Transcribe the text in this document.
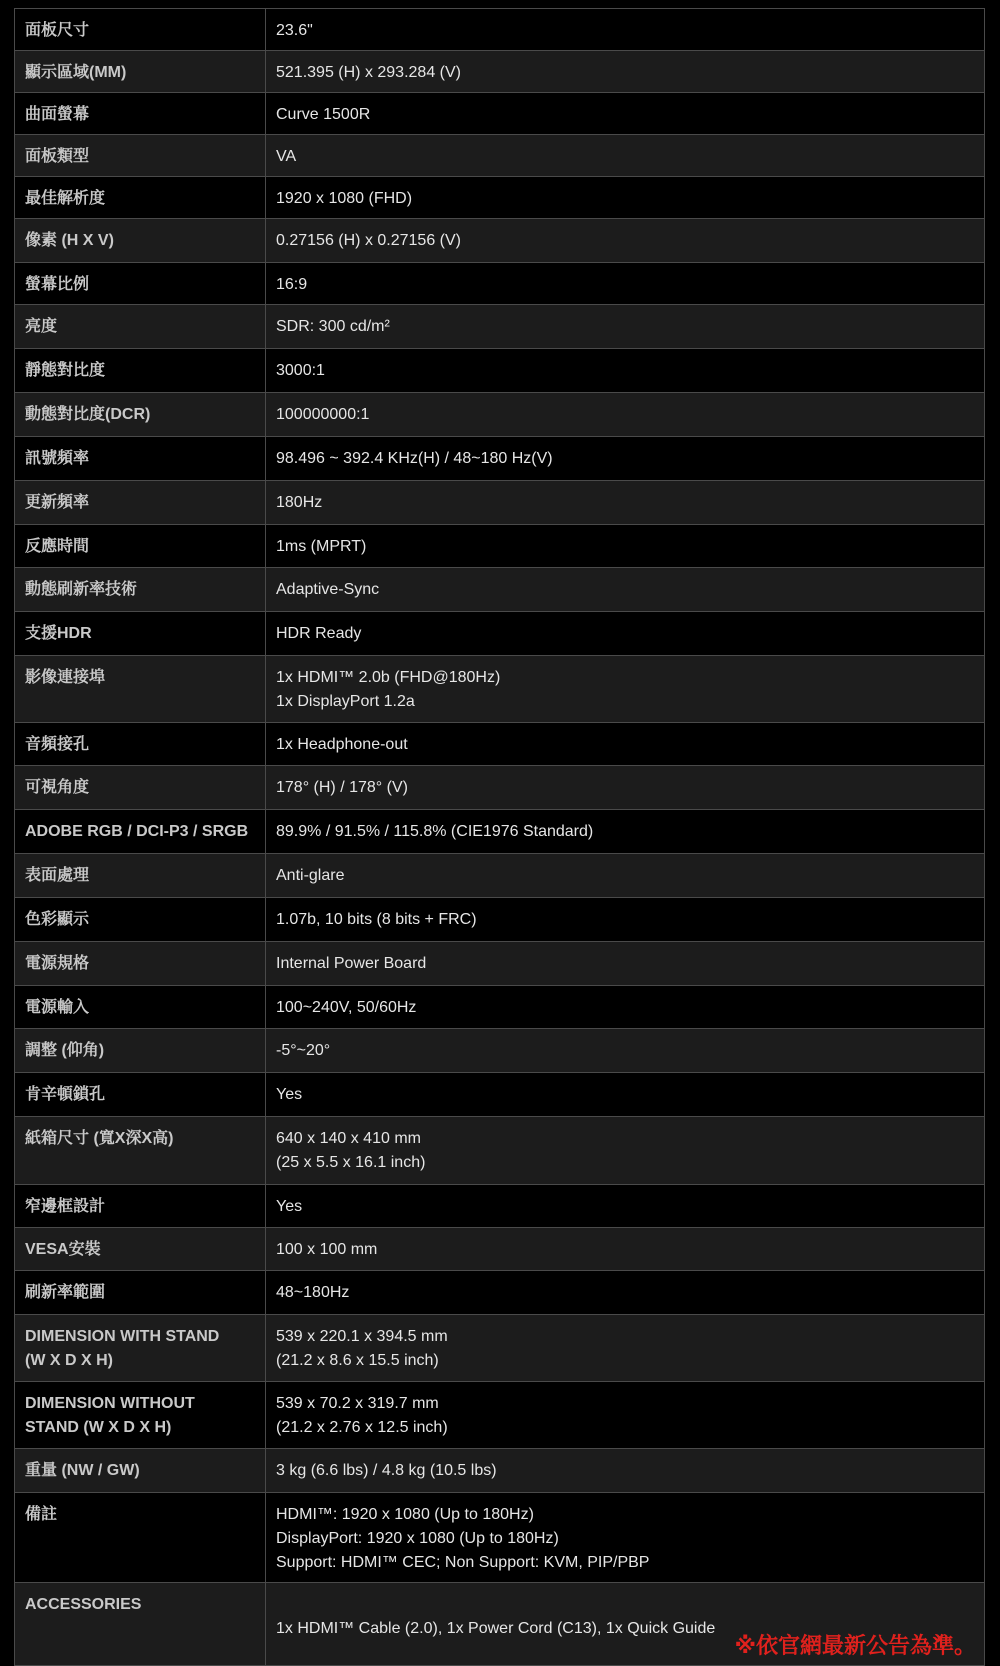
面板尺寸	23.6"
顯示區域(MM)	521.395 (H) x 293.284 (V)
曲面螢幕	Curve 1500R
面板類型	VA
最佳解析度	1920 x 1080 (FHD)
像素 (H X V)	0.27156 (H) x 0.27156 (V)
螢幕比例	16:9
亮度	SDR: 300 cd/m²
靜態對比度	3000:1
動態對比度(DCR)	100000000:1
訊號頻率	98.496 ~ 392.4 KHz(H) / 48~180 Hz(V)
更新頻率	180Hz
反應時間	1ms (MPRT)
動態刷新率技術	Adaptive-Sync
支援HDR	HDR Ready
影像連接埠	1x HDMI™ 2.0b (FHD@180Hz)
1x DisplayPort 1.2a
音頻接孔	1x Headphone-out
可視角度	178° (H) / 178° (V)
ADOBE RGB / DCI-P3 / SRGB	89.9% / 91.5% / 115.8% (CIE1976 Standard)
表面處理	Anti-glare
色彩顯示	1.07b, 10 bits (8 bits + FRC)
電源規格	Internal Power Board
電源輸入	100~240V, 50/60Hz
調整 (仰角)	-5°~20°
肯辛頓鎖孔	Yes
紙箱尺寸 (寬X深X高)	640 x 140 x 410 mm
(25 x 5.5 x 16.1 inch)
窄邊框設計	Yes
VESA安裝	100 x 100 mm
刷新率範圍	48~180Hz
DIMENSION WITH STAND
(W X D X H)	539 x 220.1 x 394.5 mm
(21.2 x 8.6 x 15.5 inch)
DIMENSION WITHOUT
STAND (W X D X H)	539 x 70.2 x 319.7 mm
(21.2 x 2.76 x 12.5 inch)
重量 (NW / GW)	3 kg (6.6 lbs) / 4.8 kg (10.5 lbs)
備註	HDMI™: 1920 x 1080 (Up to 180Hz)
DisplayPort: 1920 x 1080 (Up to 180Hz)
Support: HDMI™ CEC; Non Support: KVM, PIP/PBP
ACCESSORIES	1x HDMI™ Cable (2.0), 1x Power Cord (C13), 1x Quick Guide

※依官網最新公告為準。
